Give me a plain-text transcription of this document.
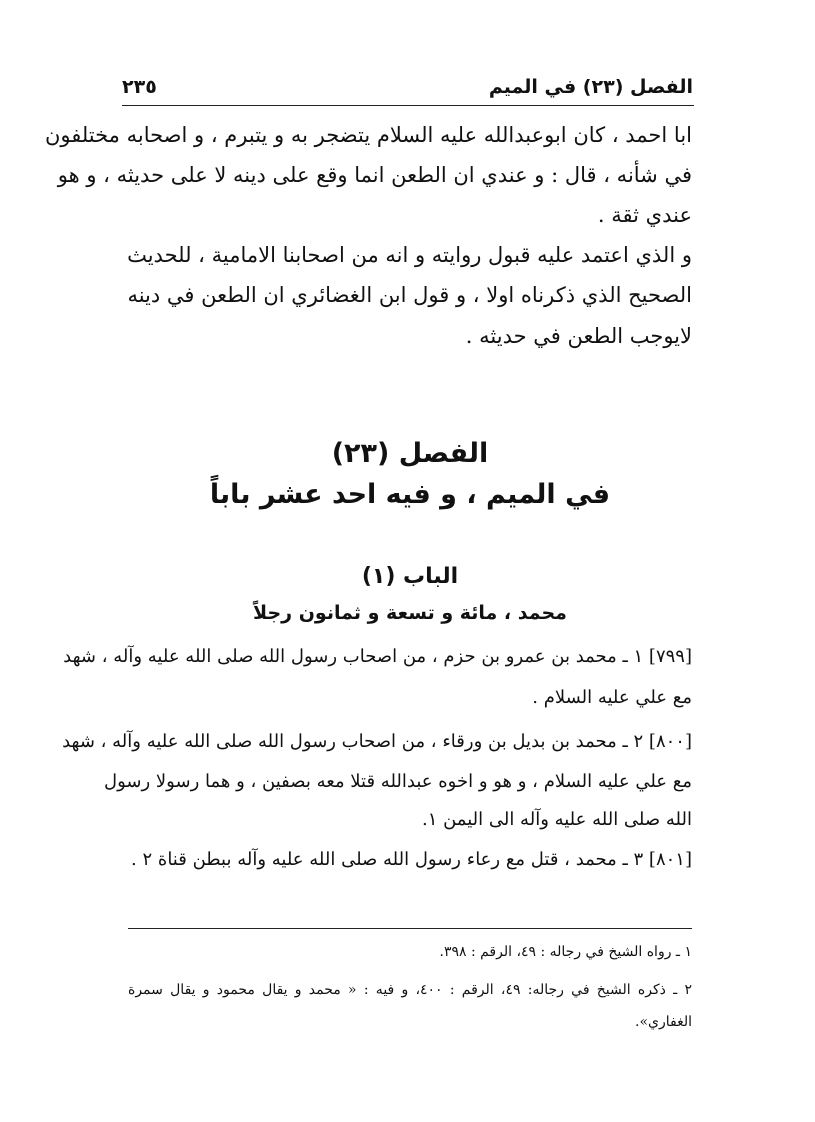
الفصل (٢٣) في الميم
٢٣٥
ابا احمد ، كان ابوعبدالله عليه السلام يتضجر به و يتبرم ، و اصحابه مختلفون
في شأنه ، قال : و عندي ان الطعن انما وقع على دينه لا على حديثه ، و هو
عندي ثقة .
و الذي اعتمد عليه قبول روايته و انه من اصحابنا الامامية ، للحديث
الصحيح الذي ذكرناه اولا ، و قول ابن الغضائري ان الطعن في دينه
لايوجب الطعن في حديثه .
الفصل (٢٣)
في الميم ، و فيه احد عشر باباً
الباب (١)
محمد ، مائة و تسعة و ثمانون رجلاً
[٧٩٩] ١ ـ محمد بن عمرو بن حزم ، من اصحاب رسول الله صلى الله عليه وآله ، شهد
مع علي عليه السلام .
[٨٠٠] ٢ ـ محمد بن بديل بن ورقاء ، من اصحاب رسول الله صلى الله عليه وآله ، شهد
مع علي عليه السلام ، و هو و اخوه عبدالله قتلا معه بصفين ، و هما رسولا رسول
الله صلى الله عليه وآله الى اليمن ١.
[٨٠١] ٣ ـ محمد ، قتل مع رعاء رسول الله صلى الله عليه وآله ببطن قناة ٢ .
١ ـ رواه الشيخ في رجاله : ٤٩، الرقم : ٣٩٨.
٢ ـ ذكره الشيخ في رجاله: ٤٩، الرقم : ٤٠٠، و فيه : « محمد و يقال محمود و يقال سمرة
الغفاري».
